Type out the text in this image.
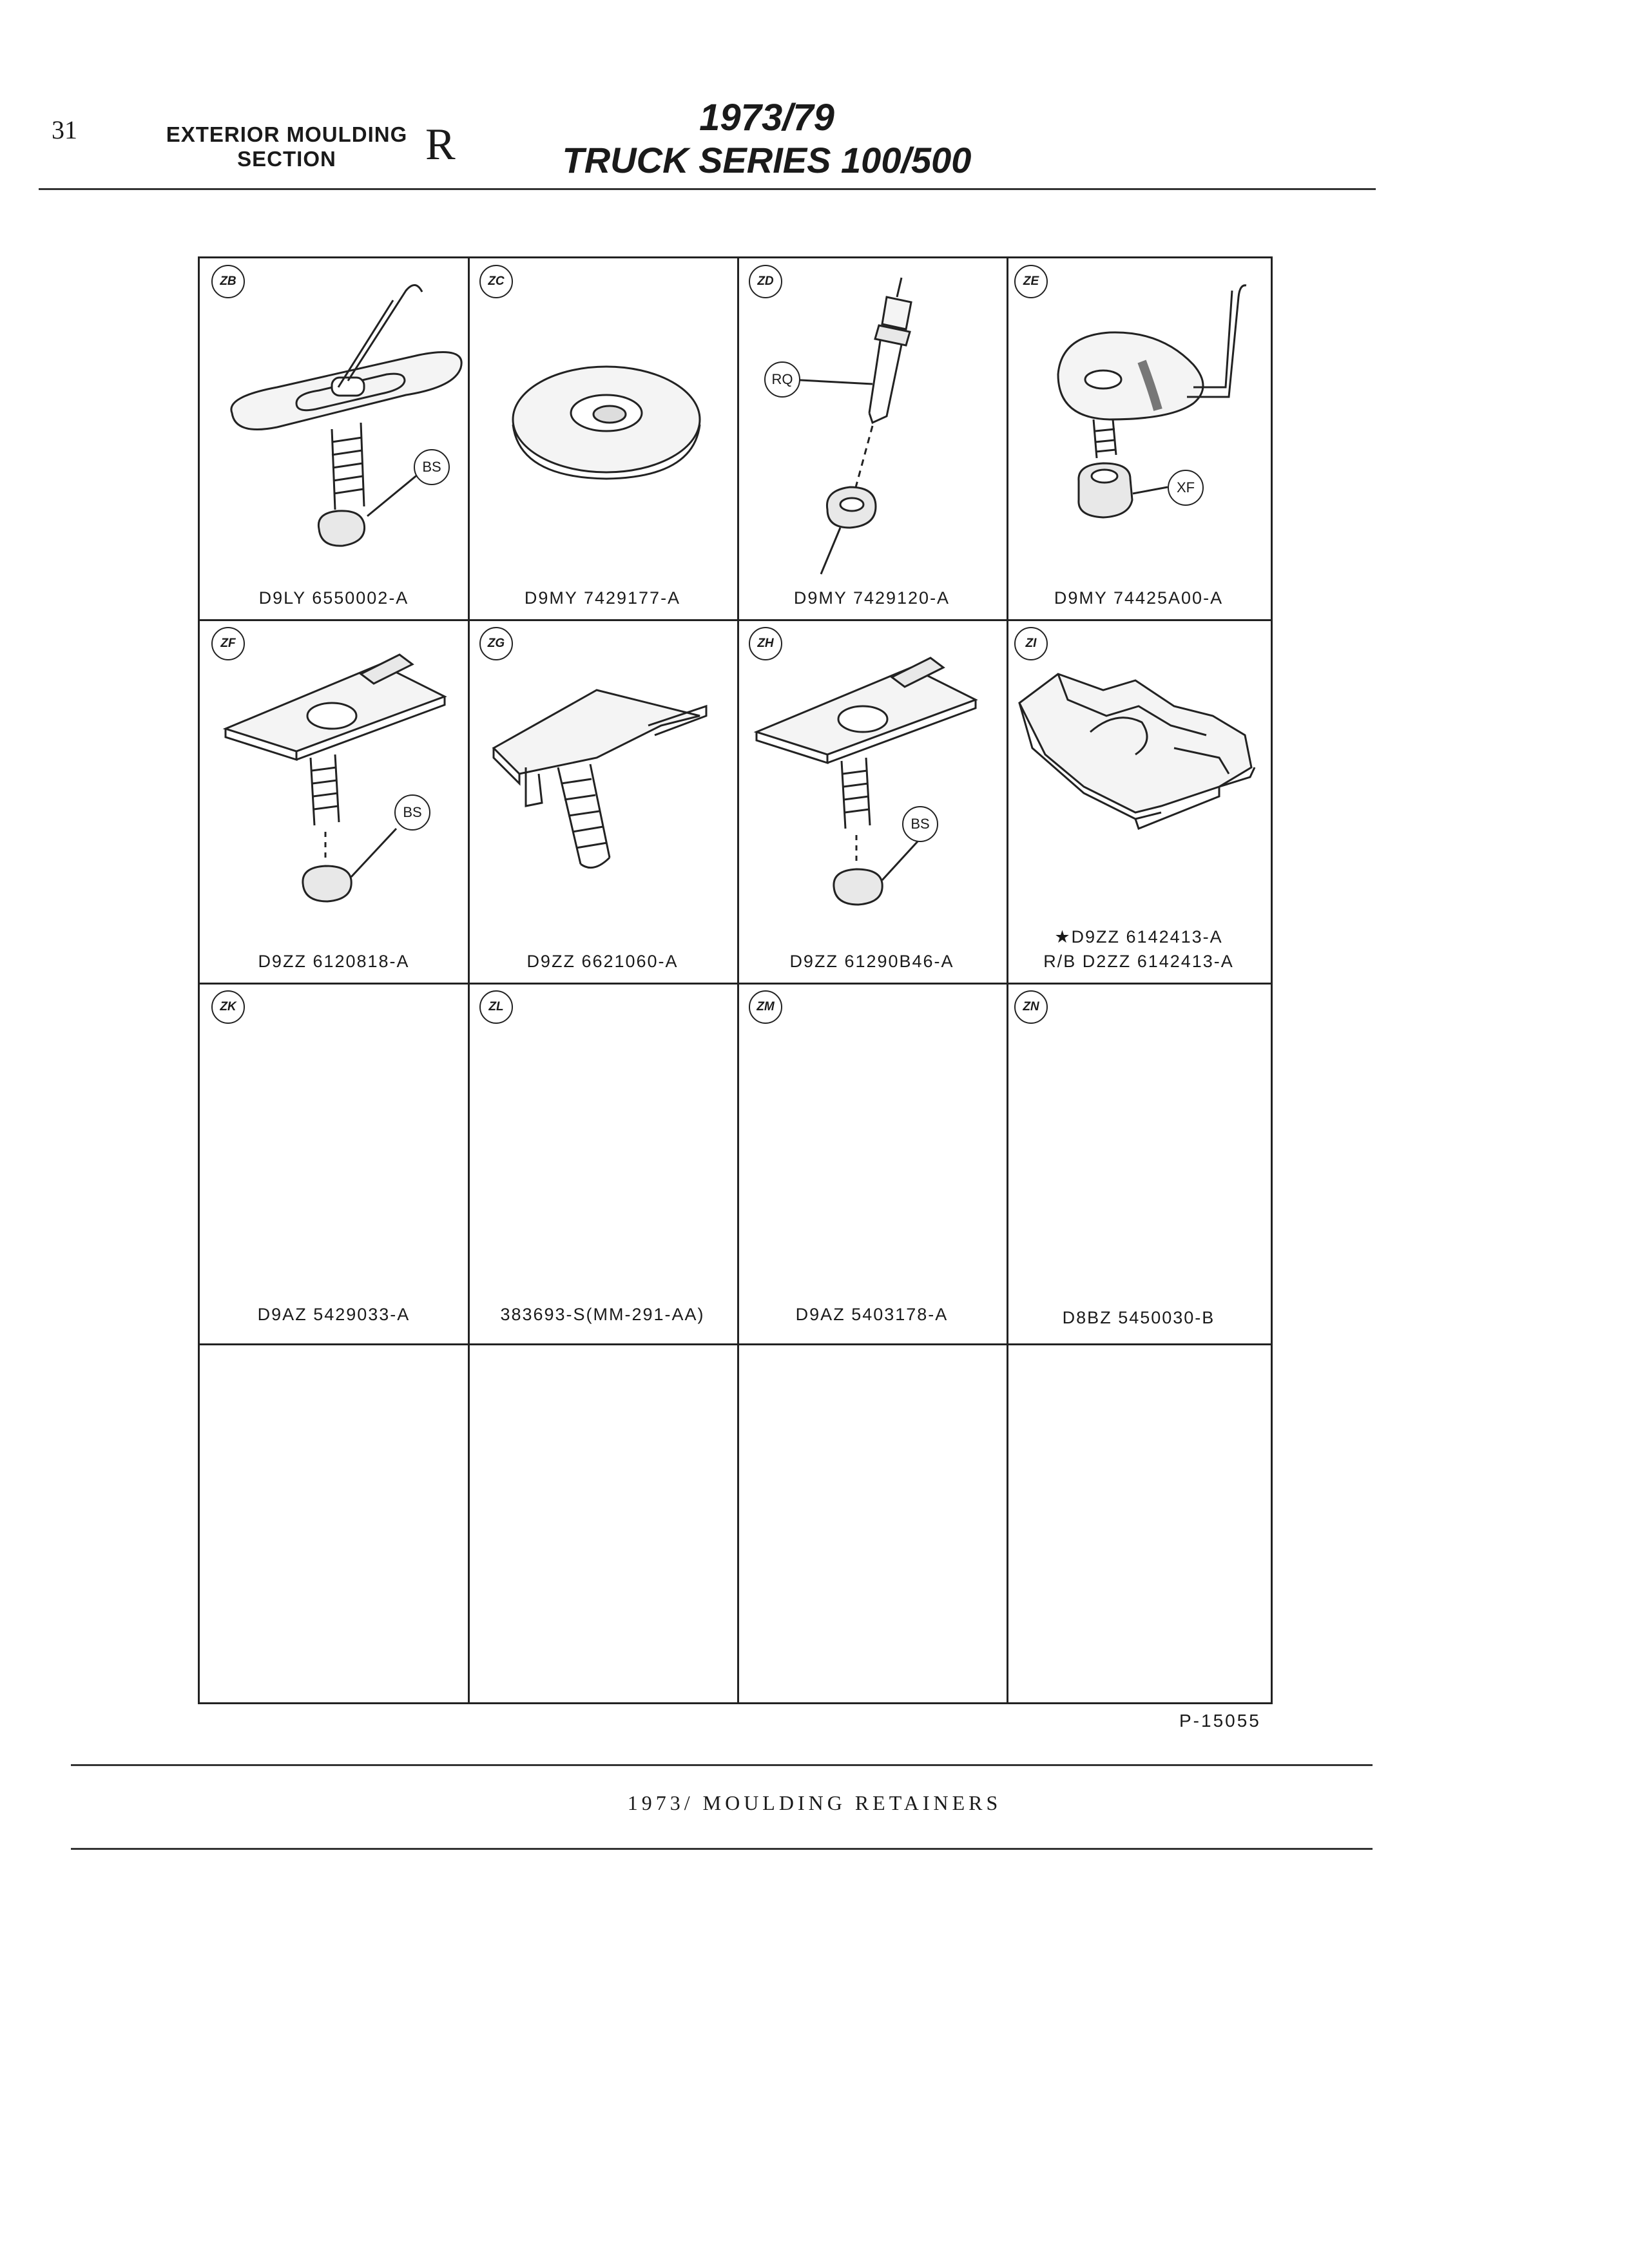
31	EXTERIOR MOULDING
SECTION	R
1973/79
TRUCK SERIES 100/500
ZB
BS
D9LY 6550002-A
ZC
D9MY 7429177-A
ZD
RQ
D9MY 7429120-A
ZE
XF
D9MY 74425A00-A
ZF
BS
D9ZZ 6120818-A
ZG
D9ZZ 6621060-A
ZH
BS
D9ZZ 61290B46-A
ZI
★D9ZZ 6142413-A
R/B D2ZZ 6142413-A
ZK
D9AZ 5429033-A
ZL
383693-S(MM-291-AA)
ZM
D9AZ 5403178-A
ZN
D8BZ 5450030-B
P-15055
1973/ MOULDING RETAINERS
